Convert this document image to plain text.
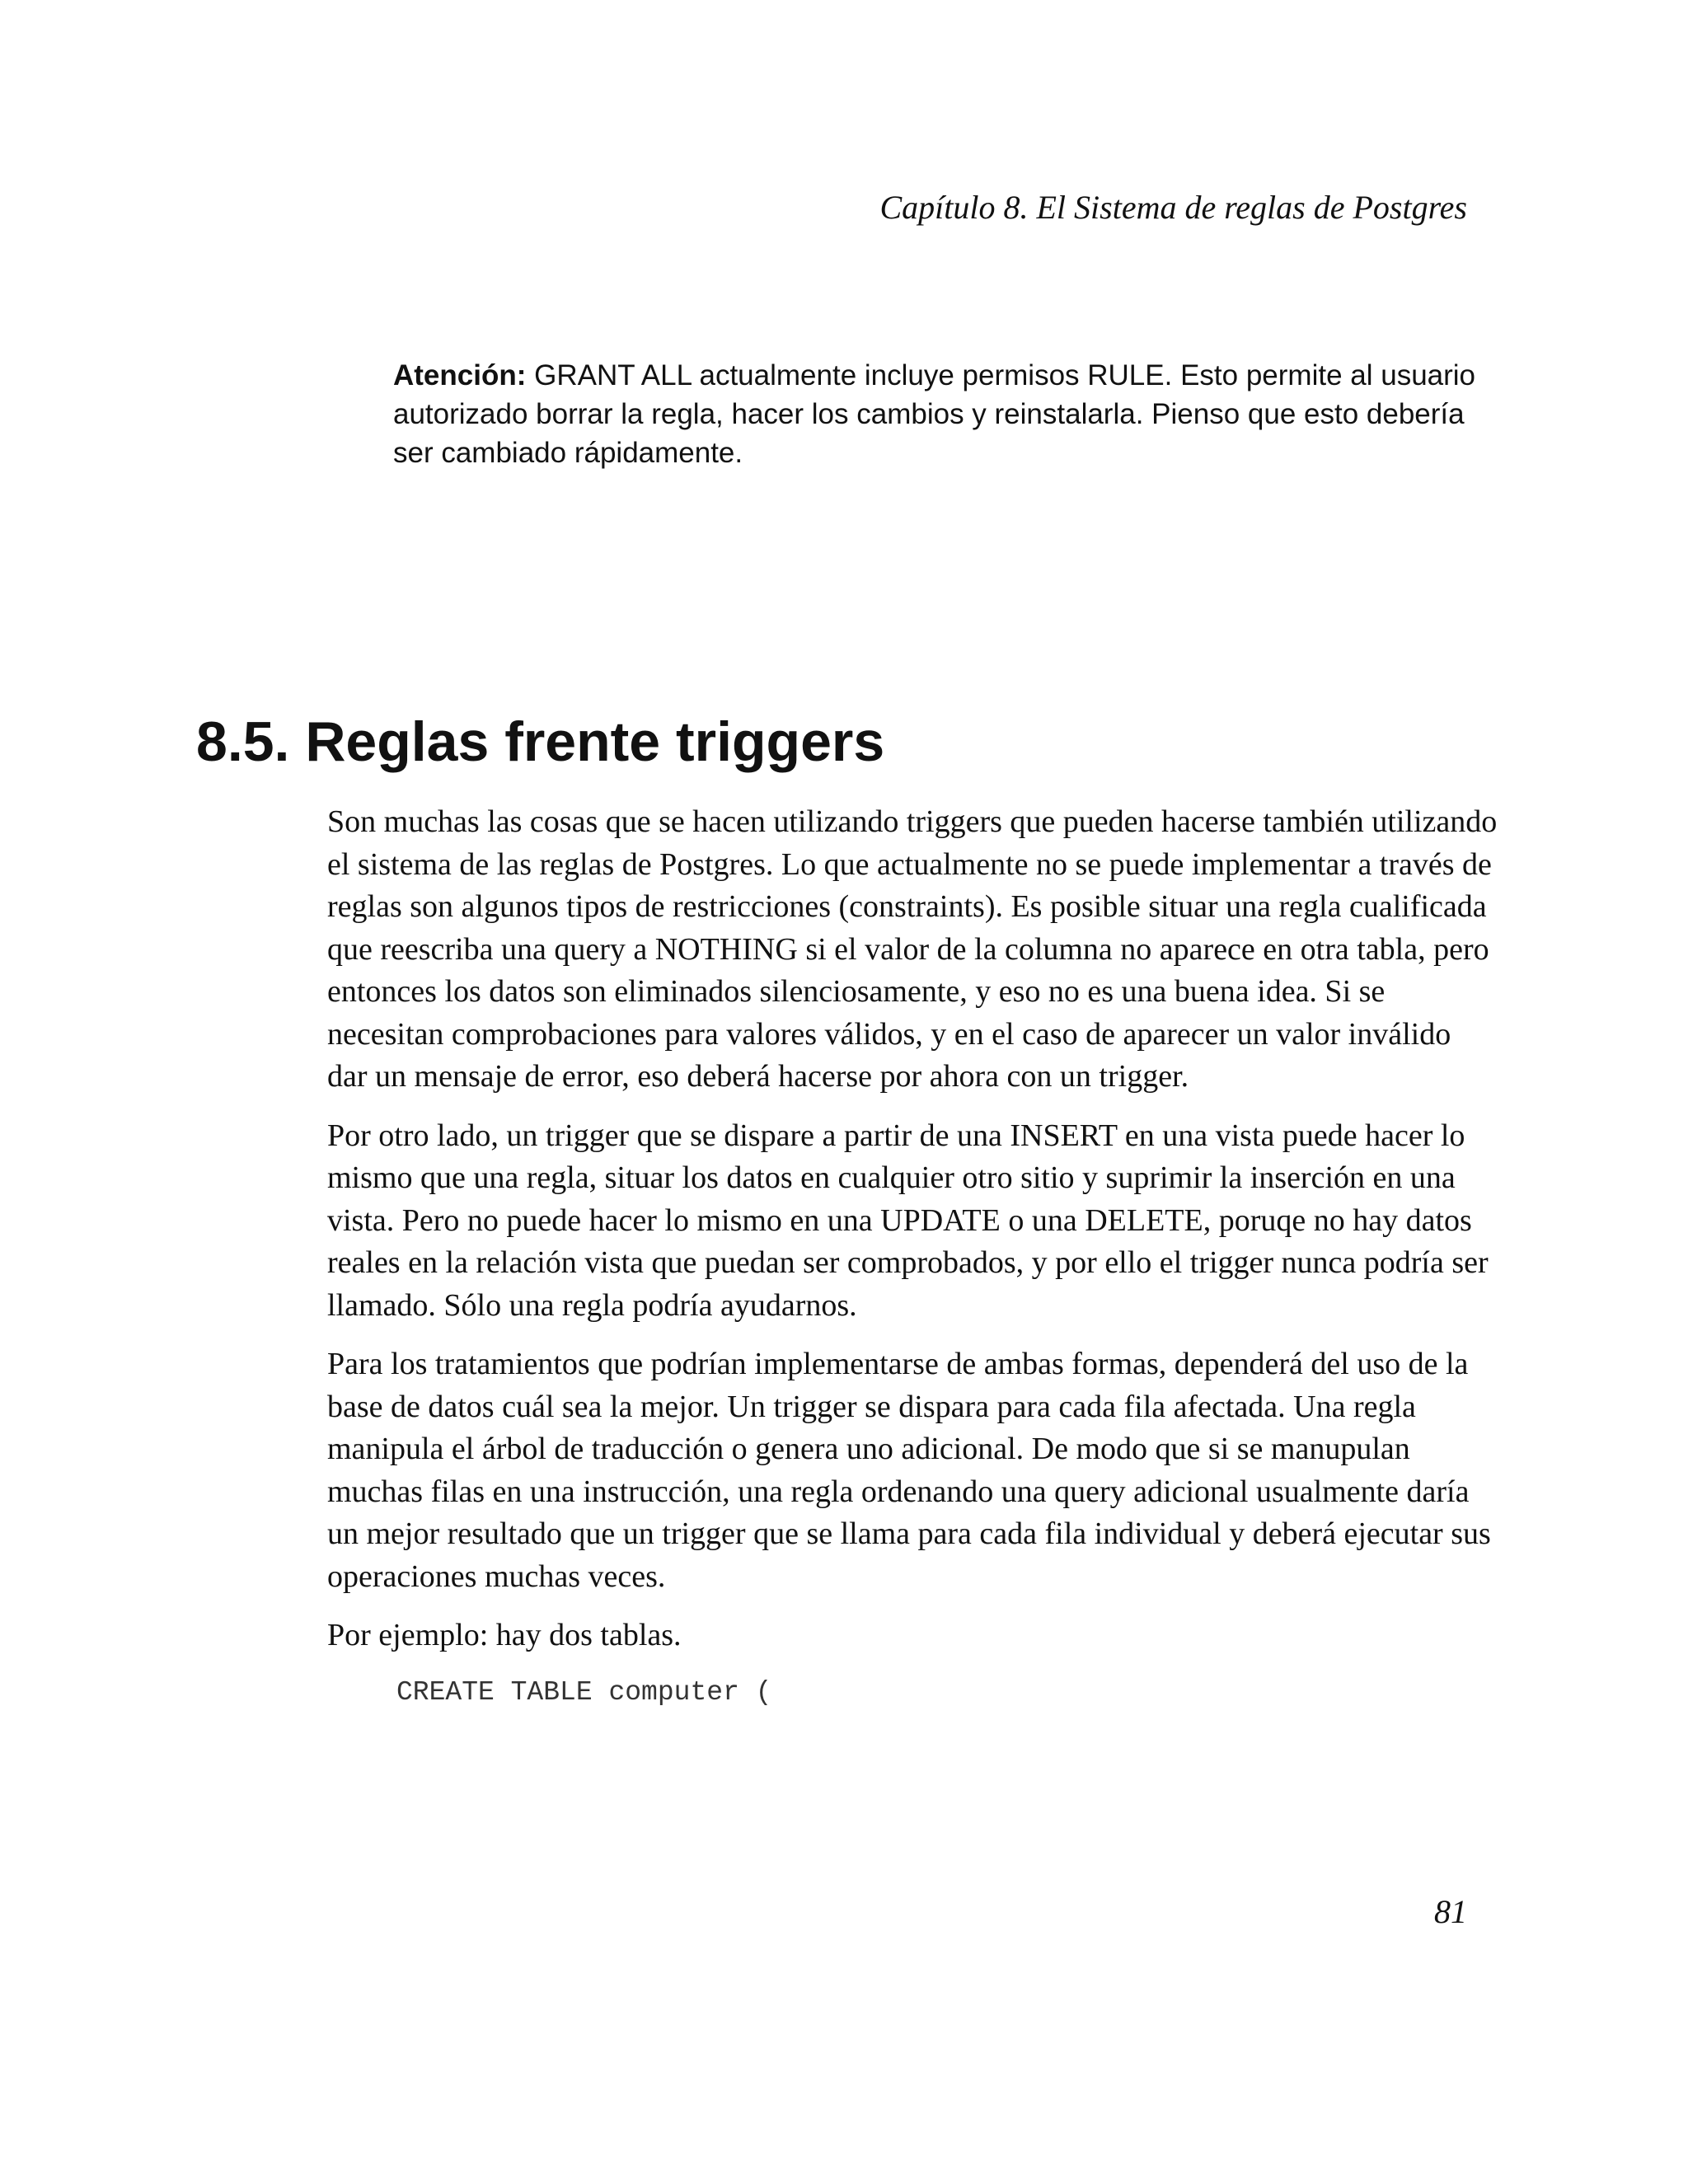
Capítulo 8. El Sistema de reglas de Postgres

Atención: GRANT ALL actualmente incluye permisos RULE. Esto permite al usuario autorizado borrar la regla, hacer los cambios y reinstalarla. Pienso que esto debería ser cambiado rápidamente.

8.5. Reglas frente triggers

Son muchas las cosas que se hacen utilizando triggers que pueden hacerse también utilizando el sistema de las reglas de Postgres. Lo que actualmente no se puede implementar a través de reglas son algunos tipos de restricciones (constraints). Es posible situar una regla cualificada que reescriba una query a NOTHING si el valor de la columna no aparece en otra tabla, pero entonces los datos son eliminados silenciosamente, y eso no es una buena idea. Si se necesitan comprobaciones para valores válidos, y en el caso de aparecer un valor inválido dar un mensaje de error, eso deberá hacerse por ahora con un trigger.

Por otro lado, un trigger que se dispare a partir de una INSERT en una vista puede hacer lo mismo que una regla, situar los datos en cualquier otro sitio y suprimir la inserción en una vista. Pero no puede hacer lo mismo en una UPDATE o una DELETE, poruqe no hay datos reales en la relación vista que puedan ser comprobados, y por ello el trigger nunca podría ser llamado. Sólo una regla podría ayudarnos.

Para los tratamientos que podrían implementarse de ambas formas, dependerá del uso de la base de datos cuál sea la mejor. Un trigger se dispara para cada fila afectada. Una regla manipula el árbol de traducción o genera uno adicional. De modo que si se manupulan muchas filas en una instrucción, una regla ordenando una query adicional usualmente daría un mejor resultado que un trigger que se llama para cada fila individual y deberá ejecutar sus operaciones muchas veces.

Por ejemplo: hay dos tablas.

CREATE TABLE computer (
81
